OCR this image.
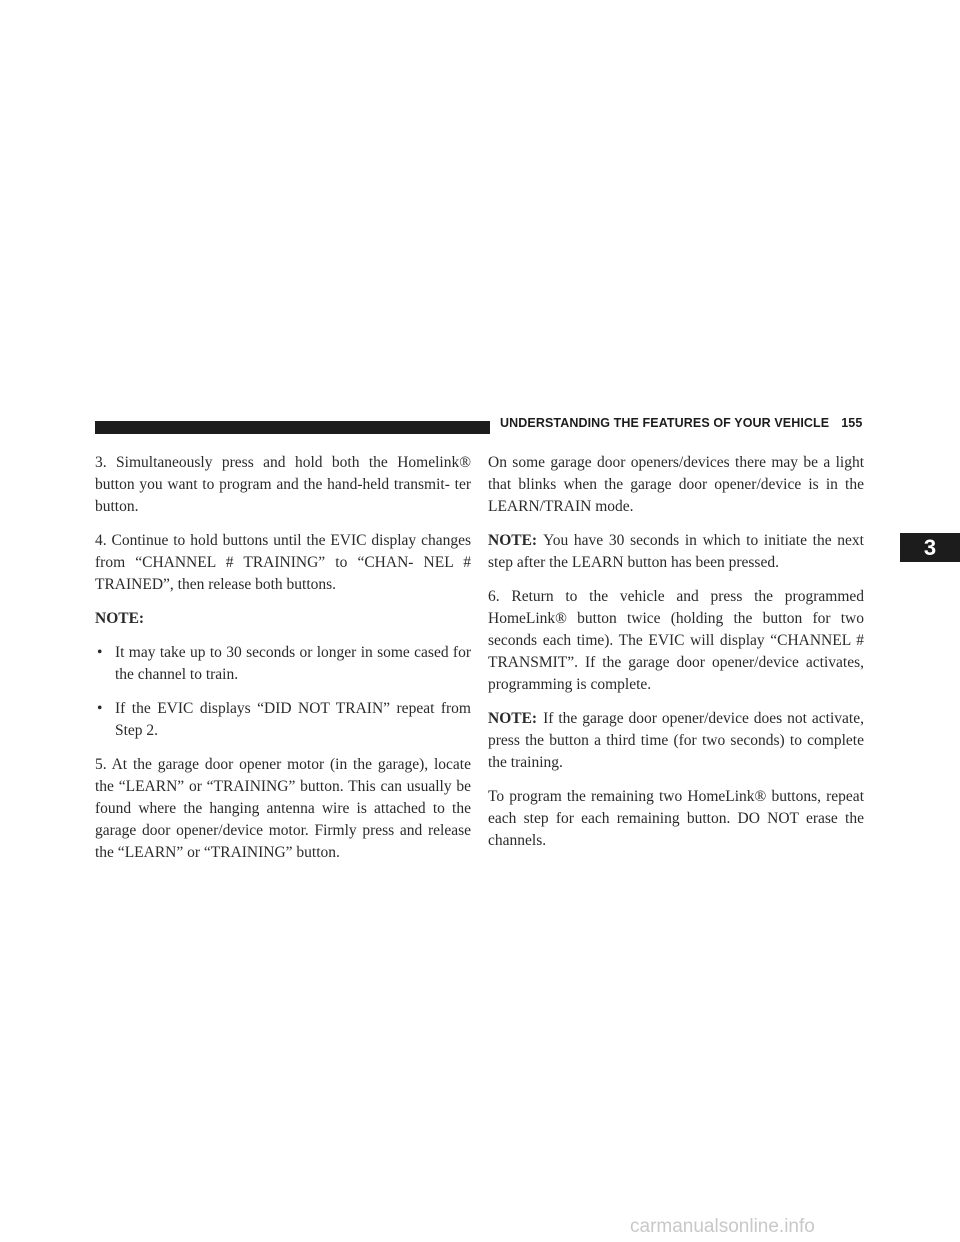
UNDERSTANDING THE FEATURES OF YOUR VEHICLE 155

3. Simultaneously press and hold both the Homelink® button you want to program and the hand-held transmit- ter button.

4. Continue to hold buttons until the EVIC display changes from “CHANNEL # TRAINING” to “CHAN- NEL # TRAINED”, then release both buttons.

NOTE:

• It may take up to 30 seconds or longer in some cased for the channel to train.
• If the EVIC displays “DID NOT TRAIN” repeat from Step 2.

5. At the garage door opener motor (in the garage), locate the “LEARN” or “TRAINING” button. This can usually be found where the hanging antenna wire is attached to the garage door opener/device motor. Firmly press and release the “LEARN” or “TRAINING” button.

On some garage door openers/devices there may be a light that blinks when the garage door opener/device is in the LEARN/TRAIN mode.

NOTE: You have 30 seconds in which to initiate the next step after the LEARN button has been pressed.

6. Return to the vehicle and press the programmed HomeLink® button twice (holding the button for two seconds each time). The EVIC will display “CHANNEL # TRANSMIT”. If the garage door opener/device activates, programming is complete.

NOTE: If the garage door opener/device does not activate, press the button a third time (for two seconds) to complete the training.

To program the remaining two HomeLink® buttons, repeat each step for each remaining button. DO NOT erase the channels.

3
carmanualsonline.info
